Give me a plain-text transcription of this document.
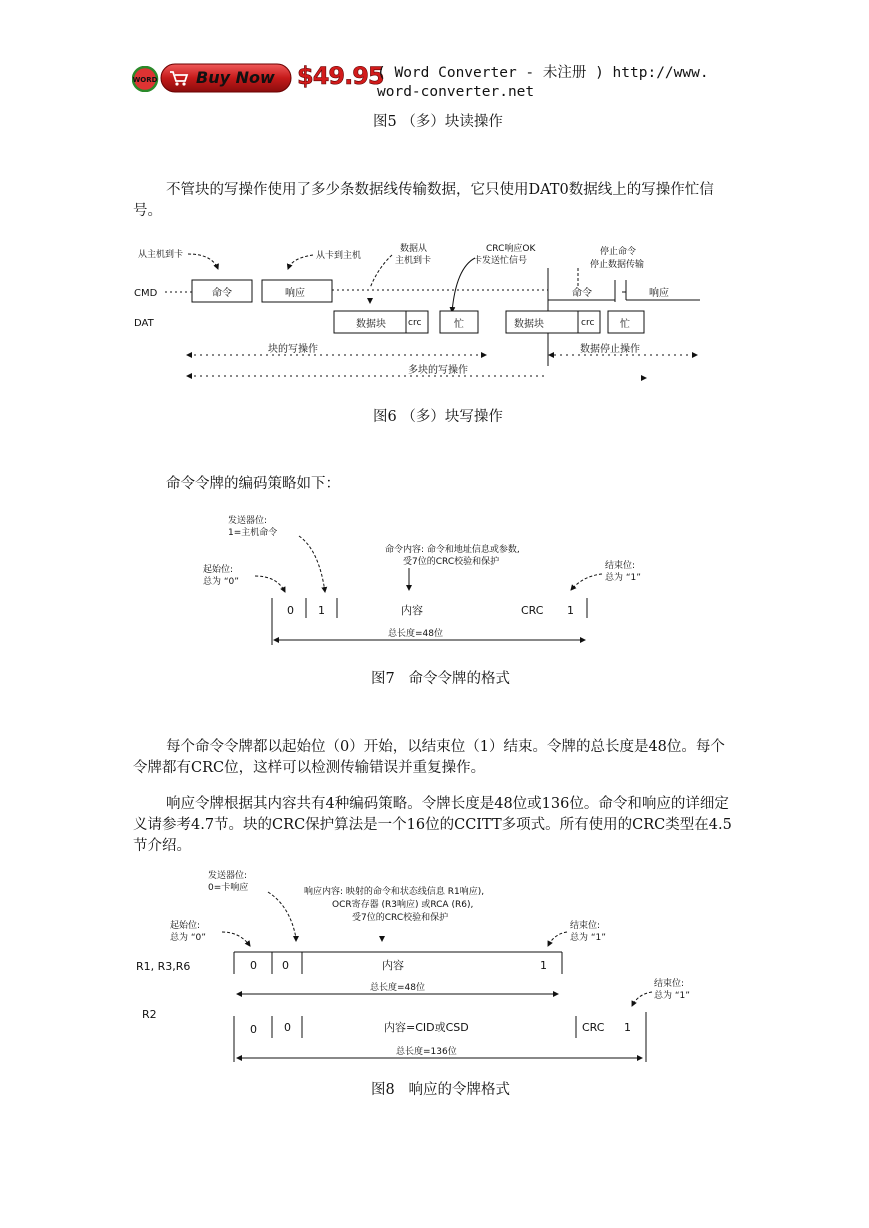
WORD Buy Now $49.95
( Word Converter - 未注册 ) http://www.
word-converter.net
图5 （多）块读操作
不管块的写操作使用了多少条数据线传输数据，它只使用DAT0数据线上的写操作忙信号。
从主机到卡	从卡到主机
数据从
主机到卡
CRC响应OK
卡发送忙信号
停止命令
停止数据传输
CMD	命令	响应	命令	响应
DAT	数据块 crc	忙	数据块	crc	忙
块的写操作
多块的写操作
数据停止操作
图6 （多）块写操作
命令令牌的编码策略如下：
发送器位:
1=主机命令
起始位:
总为 “0”
命令内容: 命令和地址信息或参数,
受7位的CRC校验和保护	结束位:
总为 “1”
0 1	内容	CRC 1
总长度=48位
图7   命令令牌的格式
每个命令令牌都以起始位（0）开始，以结束位（1）结束。令牌的总长度是48位。每个令牌都有CRC位，这样可以检测传输错误并重复操作。
响应令牌根据其内容共有4种编码策略。令牌长度是48位或136位。命令和响应的详细定义请参考4.7节。块的CRC保护算法是一个16位的CCITT多项式。所有使用的CRC类型在4.5节介绍。
发送器位:
0=卡响应	响应内容: 映射的命令和状态线信息 R1响应),
OCR寄存器 (R3响应) 或RCA (R6),
受7位的CRC校验和保护
起始位:
总为 “0”
结束位:
总为 “1”
结束位:
总为 “1”
R1, R3,R6	0 0	内容	1
总长度=48位
R2
0 0	内容=CID或CSD	CRC 1
总长度=136位
图8   响应的令牌格式
